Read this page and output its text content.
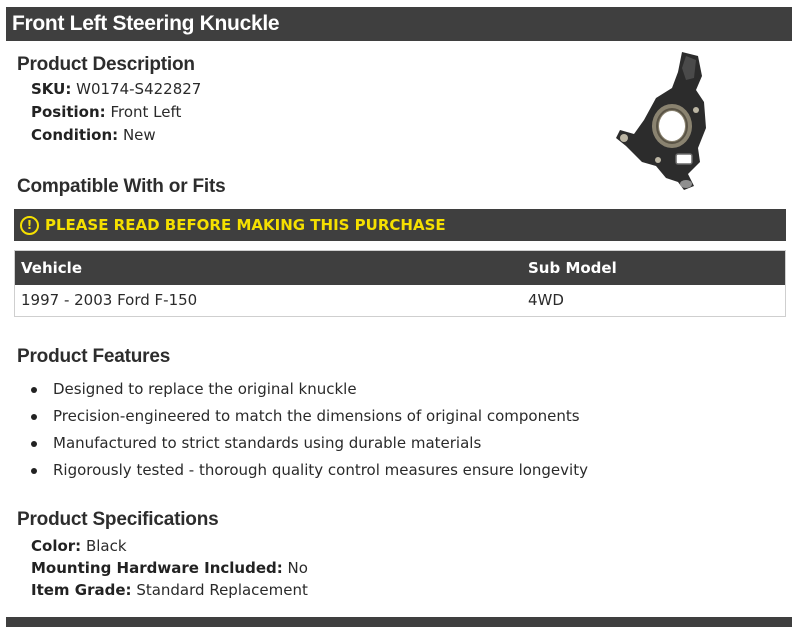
Front Left Steering Knuckle
Product Description
SKU: W0174-S422827
Position: Front Left
Condition: New
Compatible With or Fits
! PLEASE READ BEFORE MAKING THIS PURCHASE
Vehicle	Sub Model
1997 - 2003 Ford F-150	4WD
Product Features
Designed to replace the original knuckle
Precision-engineered to match the dimensions of original components
Manufactured to strict standards using durable materials
Rigorously tested - thorough quality control measures ensure longevity
Product Specifications
Color: Black
Mounting Hardware Included: No
Item Grade: Standard Replacement
